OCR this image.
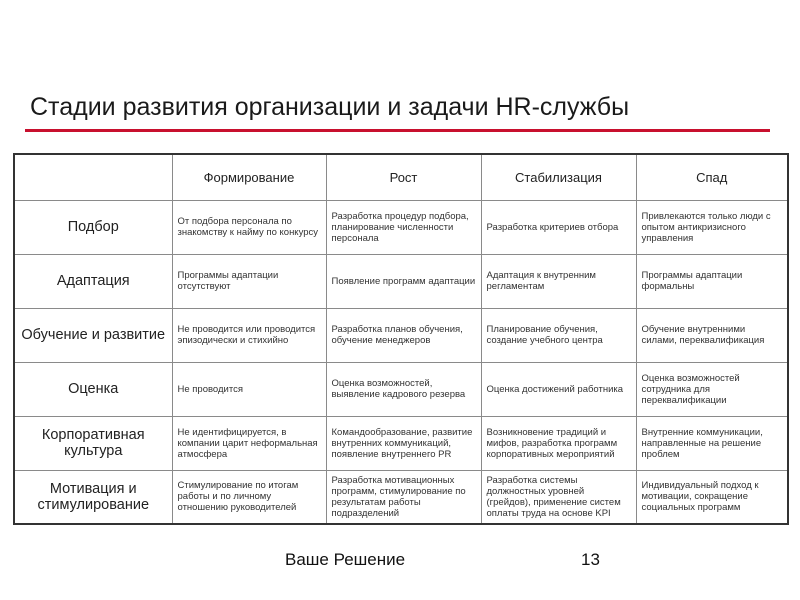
Стадии развития организации и задачи HR-службы
	Формирование	Рост	Стабилизация	Спад
Подбор	От подбора персонала по знакомству к найму по конкурсу	Разработка процедур подбора, планирование численности персонала	Разработка критериев отбора	Привлекаются только люди с опытом антикризисного управления
Адаптация	Программы адаптации отсутствуют	Появление программ адаптации	Адаптация к внутренним регламентам	Программы адаптации формальны
Обучение и развитие	Не проводится или проводится эпизодически и стихийно	Разработка планов обучения, обучение менеджеров	Планирование обучения, создание учебного центра	Обучение внутренними силами, переквалификация
Оценка	Не проводится	Оценка возможностей, выявление кадрового резерва	Оценка достижений работника	Оценка возможностей сотрудника для переквалификации
Корпоративная культура	Не идентифицируется, в компании царит неформальная атмосфера	Командообразование, развитие внутренних коммуникаций, появление внутреннего PR	Возникновение традиций и мифов, разработка программ корпоративных мероприятий	Внутренние коммуникации, направленные на решение проблем
Мотивация и стимулирование	Стимулирование по итогам работы и по личному отношению руководителей	Разработка мотивационных программ, стимулирование по результатам работы подразделений	Разработка системы должностных уровней (грейдов), применение систем оплаты труда на основе KPI	Индивидуальный подход к мотивации, сокращение социальных программ
Ваше Решение	13
